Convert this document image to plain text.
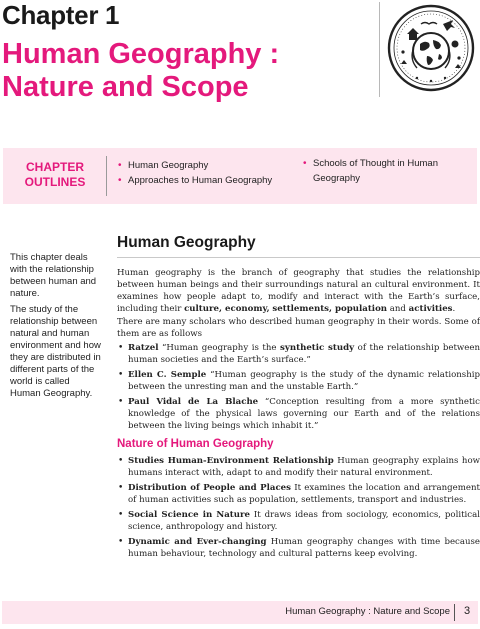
Chapter 1
Human Geography :
Nature and Scope
CHAPTER
OUTLINES
• Human Geography
• Approaches to Human Geography
• Schools of Thought in Human
Geography

This chapter deals with the relationship between human and nature.

The study of the relationship between natural and human environment and how they are distributed in different parts of the world is called Human Geography.

Human Geography

Human geography is the branch of geography that studies the relationship between human beings and their surroundings natural an cultural environment. It examines how people adapt to, modify and interact with the Earth’s surface, including their culture, economy, settlements, population and activities.

There are many scholars who described human geography in their words. Some of them are as follows

• Ratzel “Human geography is the synthetic study of the relationship between human societies and the Earth’s surface.”
• Ellen C. Semple “Human geography is the study of the dynamic relationship between the unresting man and the unstable Earth.”
• Paul Vidal de La Blache “Conception resulting from a more synthetic knowledge of the physical laws governing our Earth and of the relations between the living beings which inhabit it.”
Nature of Human Geography
• Studies Human-Environment Relationship Human geography explains how humans interact with, adapt to and modify their natural environment.
• Distribution of People and Places It examines the location and arrangement of human activities such as population, settlements, transport and industries.
• Social Science in Nature It draws ideas from sociology, economics, political science, anthropology and history.
• Dynamic and Ever-changing Human geography changes with time because human behaviour, technology and cultural patterns keep evolving.
Human Geography : Nature and Scope 3
